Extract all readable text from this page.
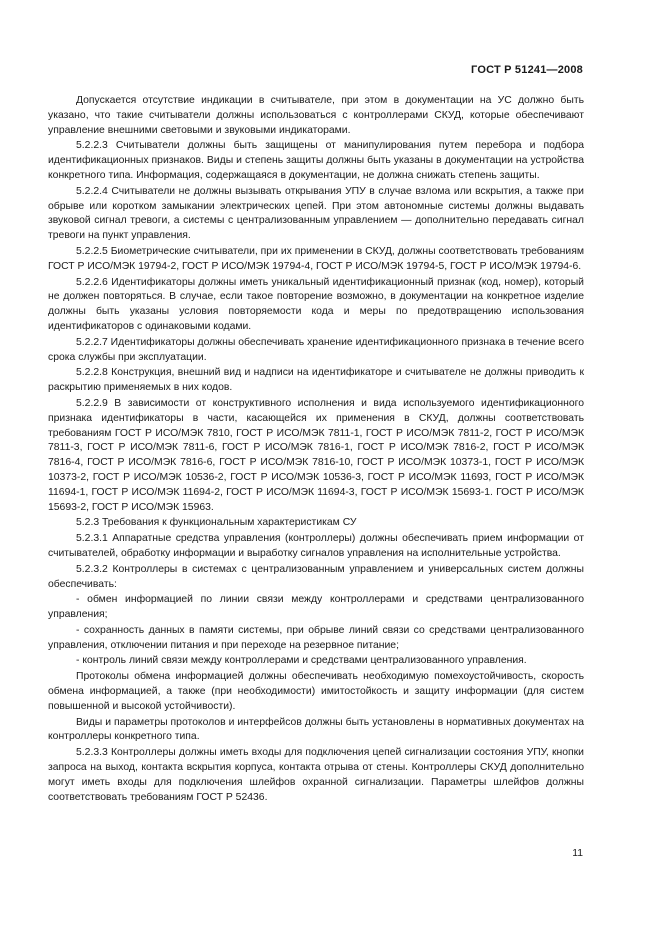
ГОСТ Р 51241—2008

Допускается отсутствие индикации в считывателе, при этом в документации на УС должно быть указано, что такие считыватели должны использоваться с контроллерами СКУД, которые обеспечивают управление внешними световыми и звуковыми индикаторами.

5.2.2.3 Считыватели должны быть защищены от манипулирования путем перебора и подбора идентификационных признаков. Виды и степень защиты должны быть указаны в документации на устройства конкретного типа. Информация, содержащаяся в документации, не должна снижать степень защиты.

5.2.2.4 Считыватели не должны вызывать открывания УПУ в случае взлома или вскрытия, а также при обрыве или коротком замыкании электрических цепей. При этом автономные системы должны выдавать звуковой сигнал тревоги, а системы с централизованным управлением — дополнительно передавать сигнал тревоги на пункт управления.

5.2.2.5 Биометрические считыватели, при их применении в СКУД, должны соответствовать требованиям ГОСТ Р ИСО/МЭК 19794-2, ГОСТ Р ИСО/МЭК 19794-4, ГОСТ Р ИСО/МЭК 19794-5, ГОСТ Р ИСО/МЭК 19794-6.

5.2.2.6 Идентификаторы должны иметь уникальный идентификационный признак (код, номер), который не должен повторяться. В случае, если такое повторение возможно, в документации на конкретное изделие должны быть указаны условия повторяемости кода и меры по предотвращению использования идентификаторов с одинаковыми кодами.

5.2.2.7 Идентификаторы должны обеспечивать хранение идентификационного признака в течение всего срока службы при эксплуатации.

5.2.2.8 Конструкция, внешний вид и надписи на идентификаторе и считывателе не должны приводить к раскрытию применяемых в них кодов.

5.2.2.9 В зависимости от конструктивного исполнения и вида используемого идентификационного признака идентификаторы в части, касающейся их применения в СКУД, должны соответствовать требованиям ГОСТ Р ИСО/МЭК 7810, ГОСТ Р ИСО/МЭК 7811-1, ГОСТ Р ИСО/МЭК 7811-2, ГОСТ Р ИСО/МЭК 7811-3, ГОСТ Р ИСО/МЭК 7811-6, ГОСТ Р ИСО/МЭК 7816-1, ГОСТ Р ИСО/МЭК 7816-2, ГОСТ Р ИСО/МЭК 7816-4, ГОСТ Р ИСО/МЭК 7816-6, ГОСТ Р ИСО/МЭК 7816-10, ГОСТ Р ИСО/МЭК 10373-1, ГОСТ Р ИСО/МЭК 10373-2, ГОСТ Р ИСО/МЭК 10536-2, ГОСТ Р ИСО/МЭК 10536-3, ГОСТ Р ИСО/МЭК 11693, ГОСТ Р ИСО/МЭК 11694-1, ГОСТ Р ИСО/МЭК 11694-2, ГОСТ Р ИСО/МЭК 11694-3, ГОСТ Р ИСО/МЭК 15693-1. ГОСТ Р ИСО/МЭК 15693-2, ГОСТ Р ИСО/МЭК 15963.

5.2.3 Требования к функциональным характеристикам СУ

5.2.3.1 Аппаратные средства управления (контроллеры) должны обеспечивать прием информации от считывателей, обработку информации и выработку сигналов управления на исполнительные устройства.

5.2.3.2 Контроллеры в системах с централизованным управлением и универсальных систем должны обеспечивать:

- обмен информацией по линии связи между контроллерами и средствами централизованного управления;

- сохранность данных в памяти системы, при обрыве линий связи со средствами централизованного управления, отключении питания и при переходе на резервное питание;

- контроль линий связи между контроллерами и средствами централизованного управления.

Протоколы обмена информацией должны обеспечивать необходимую помехоустойчивость, скорость обмена информацией, а также (при необходимости) имитостойкость и защиту информации (для систем повышенной и высокой устойчивости).

Виды и параметры протоколов и интерфейсов должны быть установлены в нормативных документах на контроллеры конкретного типа.

5.2.3.3 Контроллеры должны иметь входы для подключения цепей сигнализации состояния УПУ, кнопки запроса на выход, контакта вскрытия корпуса, контакта отрыва от стены. Контроллеры СКУД дополнительно могут иметь входы для подключения шлейфов охранной сигнализации. Параметры шлейфов должны соответствовать требованиям ГОСТ Р 52436.

11
